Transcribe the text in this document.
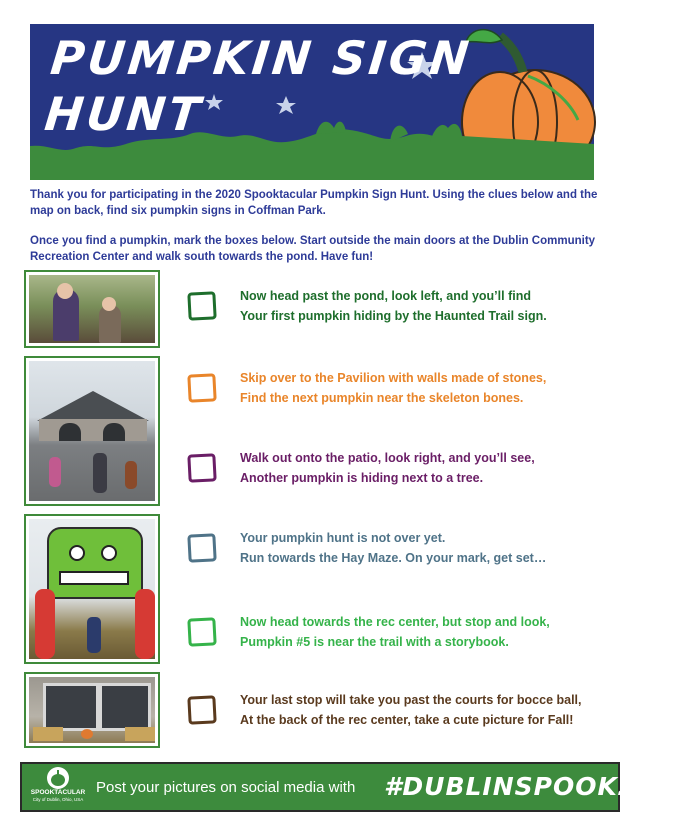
PUMPKIN SIGN
HUNT
Thank you for participating in the 2020 Spooktacular Pumpkin Sign Hunt. Using the clues below and the map on back, find six pumpkin signs in Coffman Park.
Once you find a pumpkin, mark the boxes below. Start outside the main doors at the Dublin Community Recreation Center and walk south towards the pond. Have fun!
Now head past the pond, look left, and you’ll find
Your first pumpkin hiding by the Haunted Trail sign.
Skip over to the Pavilion with walls made of stones,
Find the next pumpkin near the skeleton bones.
Walk out onto the patio, look right, and you’ll see,
Another pumpkin is hiding next to a tree.
Your pumpkin hunt is not over yet.
Run towards the Hay Maze. On your mark, get set…
Now head towards the rec center, but stop and look,
Pumpkin #5 is near the trail with a storybook.
Your last stop will take you past the courts for bocce ball,
At the back of the rec center, take a cute picture for Fall!
SPOOKTACULAR
City of Dublin, Ohio, USA
Post your pictures on social media with #DUBLINSPOOK2020
